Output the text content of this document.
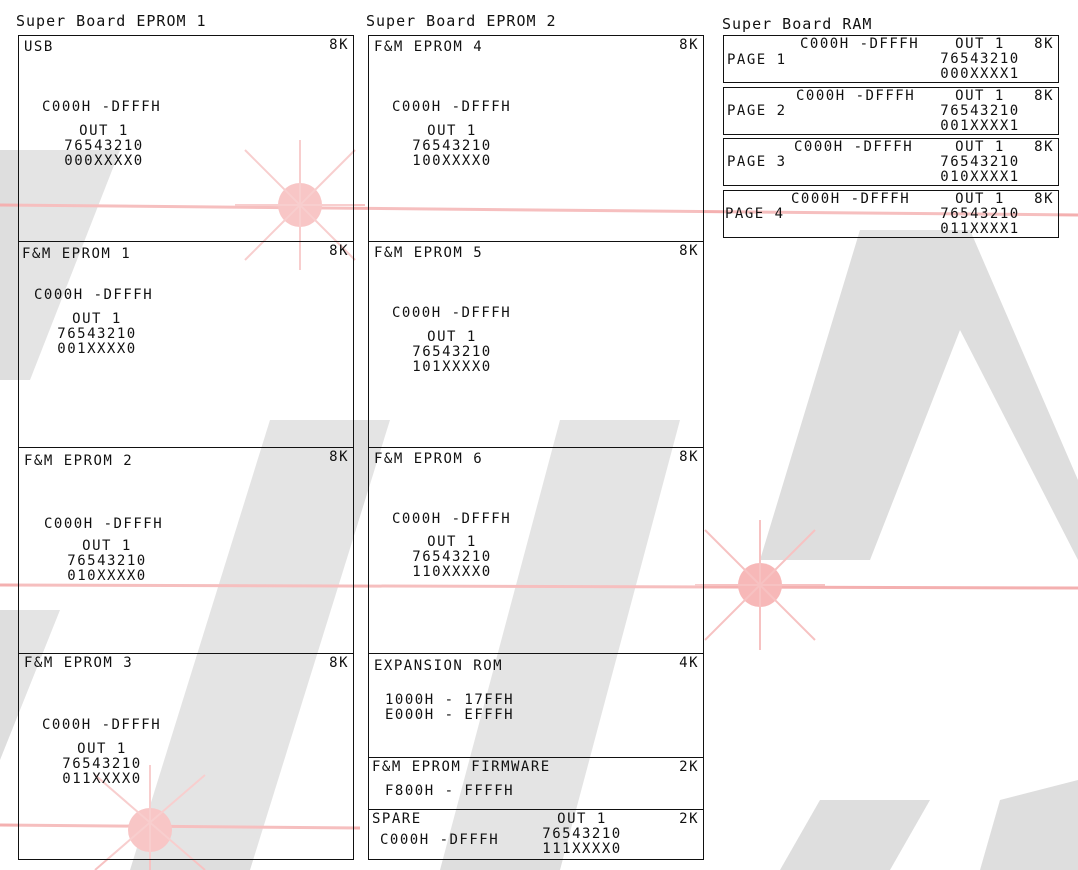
Super Board EPROM 1	Super Board EPROM 2	Super Board RAM
USB	8K
C000H -DFFFH
OUT 1
76543210
000XXXX0
F&M EPROM 1	8K
C000H -DFFFH
OUT 1
76543210
001XXXX0
F&M EPROM 2	8K
C000H -DFFFH
OUT 1
76543210
010XXXX0
F&M EPROM 3	8K
C000H -DFFFH
OUT 1
76543210
011XXXX0
F&M EPROM 4	8K
C000H -DFFFH
OUT 1
76543210
100XXXX0
F&M EPROM 5	8K
C000H -DFFFH
OUT 1
76543210
101XXXX0
F&M EPROM 6	8K
C000H -DFFFH
OUT 1
76543210
110XXXX0
EXPANSION ROM	4K
1000H - 17FFH
E000H - EFFFH
F&M EPROM FIRMWARE	2K
F800H - FFFFH
SPARE	2K
C000H -DFFFH
OUT 1
76543210
111XXXX0
PAGE 1
C000H -DFFFH	8K
OUT 1
76543210
000XXXX1
PAGE 2
C000H -DFFFH	8K
OUT 1
76543210
001XXXX1
PAGE 3
C000H -DFFFH	8K
OUT 1
76543210
010XXXX1
PAGE 4
C000H -DFFFH	8K
OUT 1
76543210
011XXXX1
